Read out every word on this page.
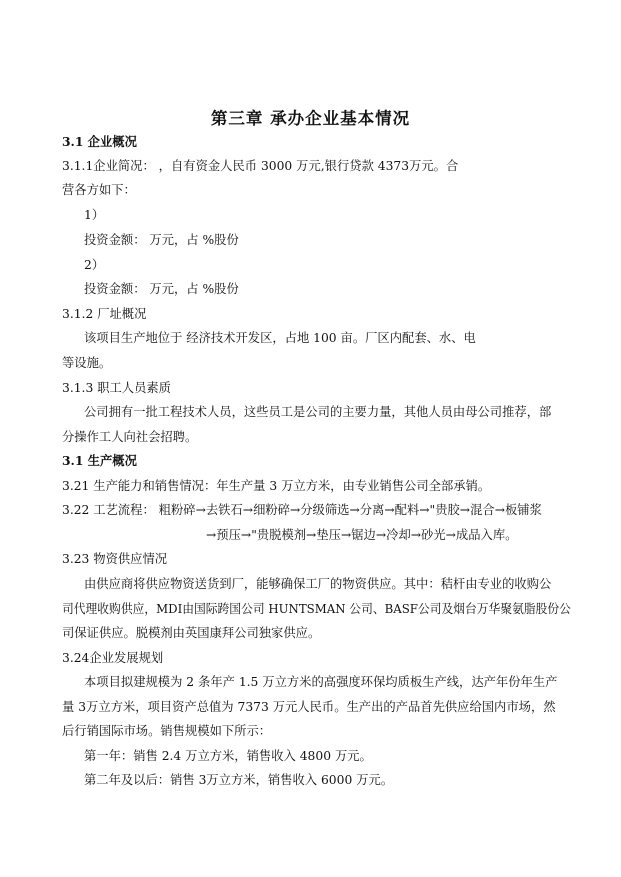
第三章 承办企业基本情况
3.1 企业概况
3.1.1企业简况： ，自有资金人民币 3000 万元,银行贷款 4373万元。合
营各方如下：
1）
投资金额： 万元，占 %股份
2）
投资金额： 万元，占 %股份
3.1.2 厂址概况
该项目生产地位于 经济技术开发区，占地 100 亩。厂区内配套、水、电
等设施。
3.1.3 职工人员素质
公司拥有一批工程技术人员，这些员工是公司的主要力量，其他人员由母公司推荐，部
分操作工人向社会招聘。
3.1 生产概况
3.21 生产能力和销售情况：年生产量 3 万立方米，由专业销售公司全部承销。
3.22 工艺流程： 粗粉碎→去铁石→细粉碎→分级筛选→分离→配料→"贵胶→混合→板铺浆
→预压→"贵脱模剂→垫压→锯边→冷却→砂光→成品入库。
3.23 物资供应情况
由供应商将供应物资送货到厂，能够确保工厂的物资供应。其中：秸杆由专业的收购公
司代理收购供应，MDI由国际跨国公司 HUNTSMAN 公司、BASF公司及烟台万华聚氨脂股份公
司保证供应。脱模剂由英国康拜公司独家供应。
3.24企业发展规划
本项目拟建规模为 2 条年产 1.5 万立方米的高强度环保均质板生产线，达产年份年生产
量 3万立方米，项目资产总值为 7373 万元人民币。生产出的产品首先供应给国内市场，然
后行销国际市场。销售规模如下所示：
第一年：销售 2.4 万立方米，销售收入 4800 万元。
第二年及以后：销售 3万立方米，销售收入 6000 万元。
